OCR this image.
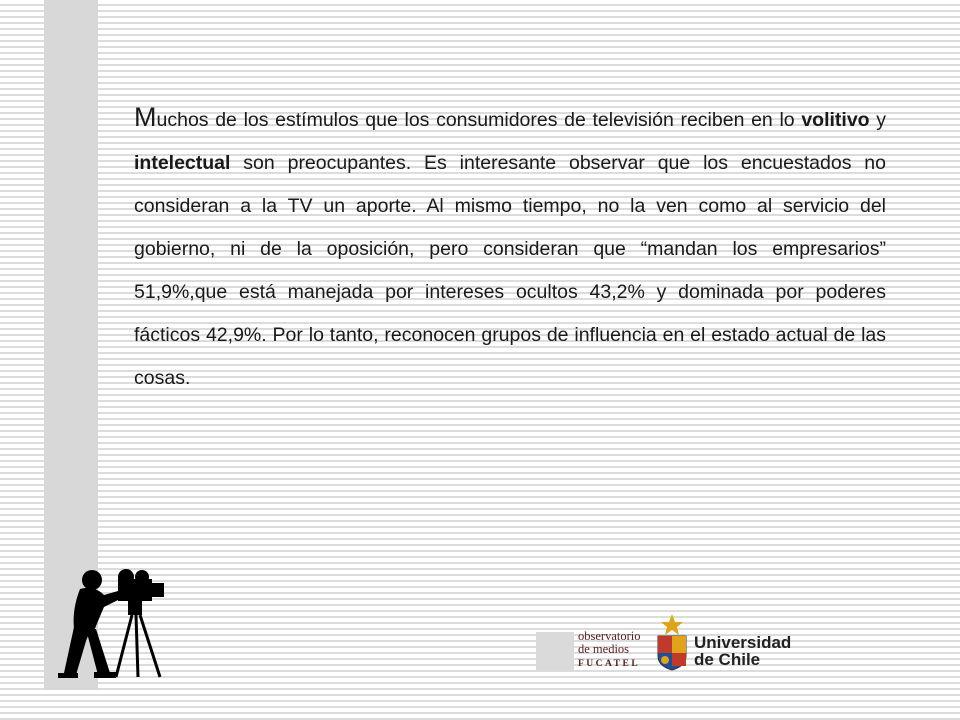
Muchos de los estímulos que los consumidores de televisión reciben en lo volitivo y intelectual son preocupantes. Es interesante observar que los encuestados no consideran a la TV un aporte. Al mismo tiempo, no la ven como al servicio del gobierno, ni de la oposición, pero consideran que “mandan los empresarios” 51,9%,que está manejada por intereses ocultos 43,2% y dominada por poderes fácticos 42,9%. Por lo tanto, reconocen grupos de influencia en el estado actual de las cosas.
observatorio
de medios
FUCATEL
Universidad
de Chile
